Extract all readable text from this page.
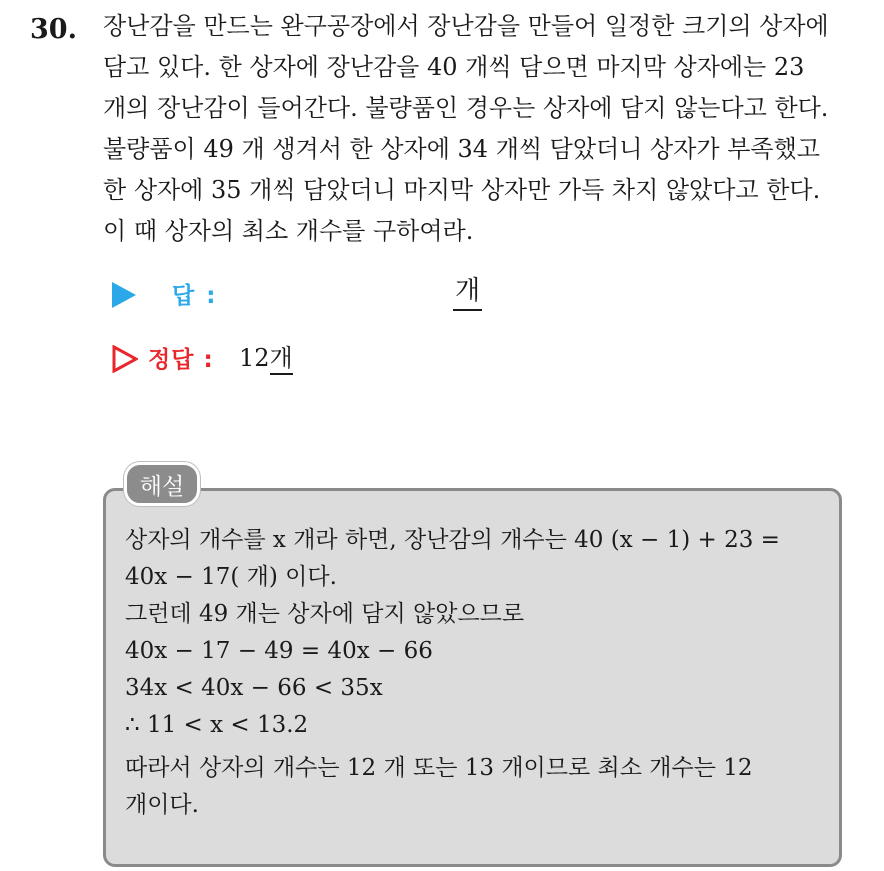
30. 장난감을 만드는 완구공장에서 장난감을 만들어 일정한 크기의 상자에
담고 있다. 한 상자에 장난감을 40 개씩 담으면 마지막 상자에는 23
개의 장난감이 들어간다. 불량품인 경우는 상자에 담지 않는다고 한다.
불량품이 49 개 생겨서 한 상자에 34 개씩 담았더니 상자가 부족했고
한 상자에 35 개씩 담았더니 마지막 상자만 가득 차지 않았다고 한다.
이 때 상자의 최소 개수를 구하여라.
답 :	개
정답 : 12개
해설
상자의 개수를 x 개라 하면, 장난감의 개수는 40 (x − 1) + 23 =
40x − 17( 개) 이다.
그런데 49 개는 상자에 담지 않았으므로
40x − 17 − 49 = 40x − 66
34x < 40x − 66 < 35x
∴ 11 < x < 13.2
따라서 상자의 개수는 12 개 또는 13 개이므로 최소 개수는 12
개이다.
